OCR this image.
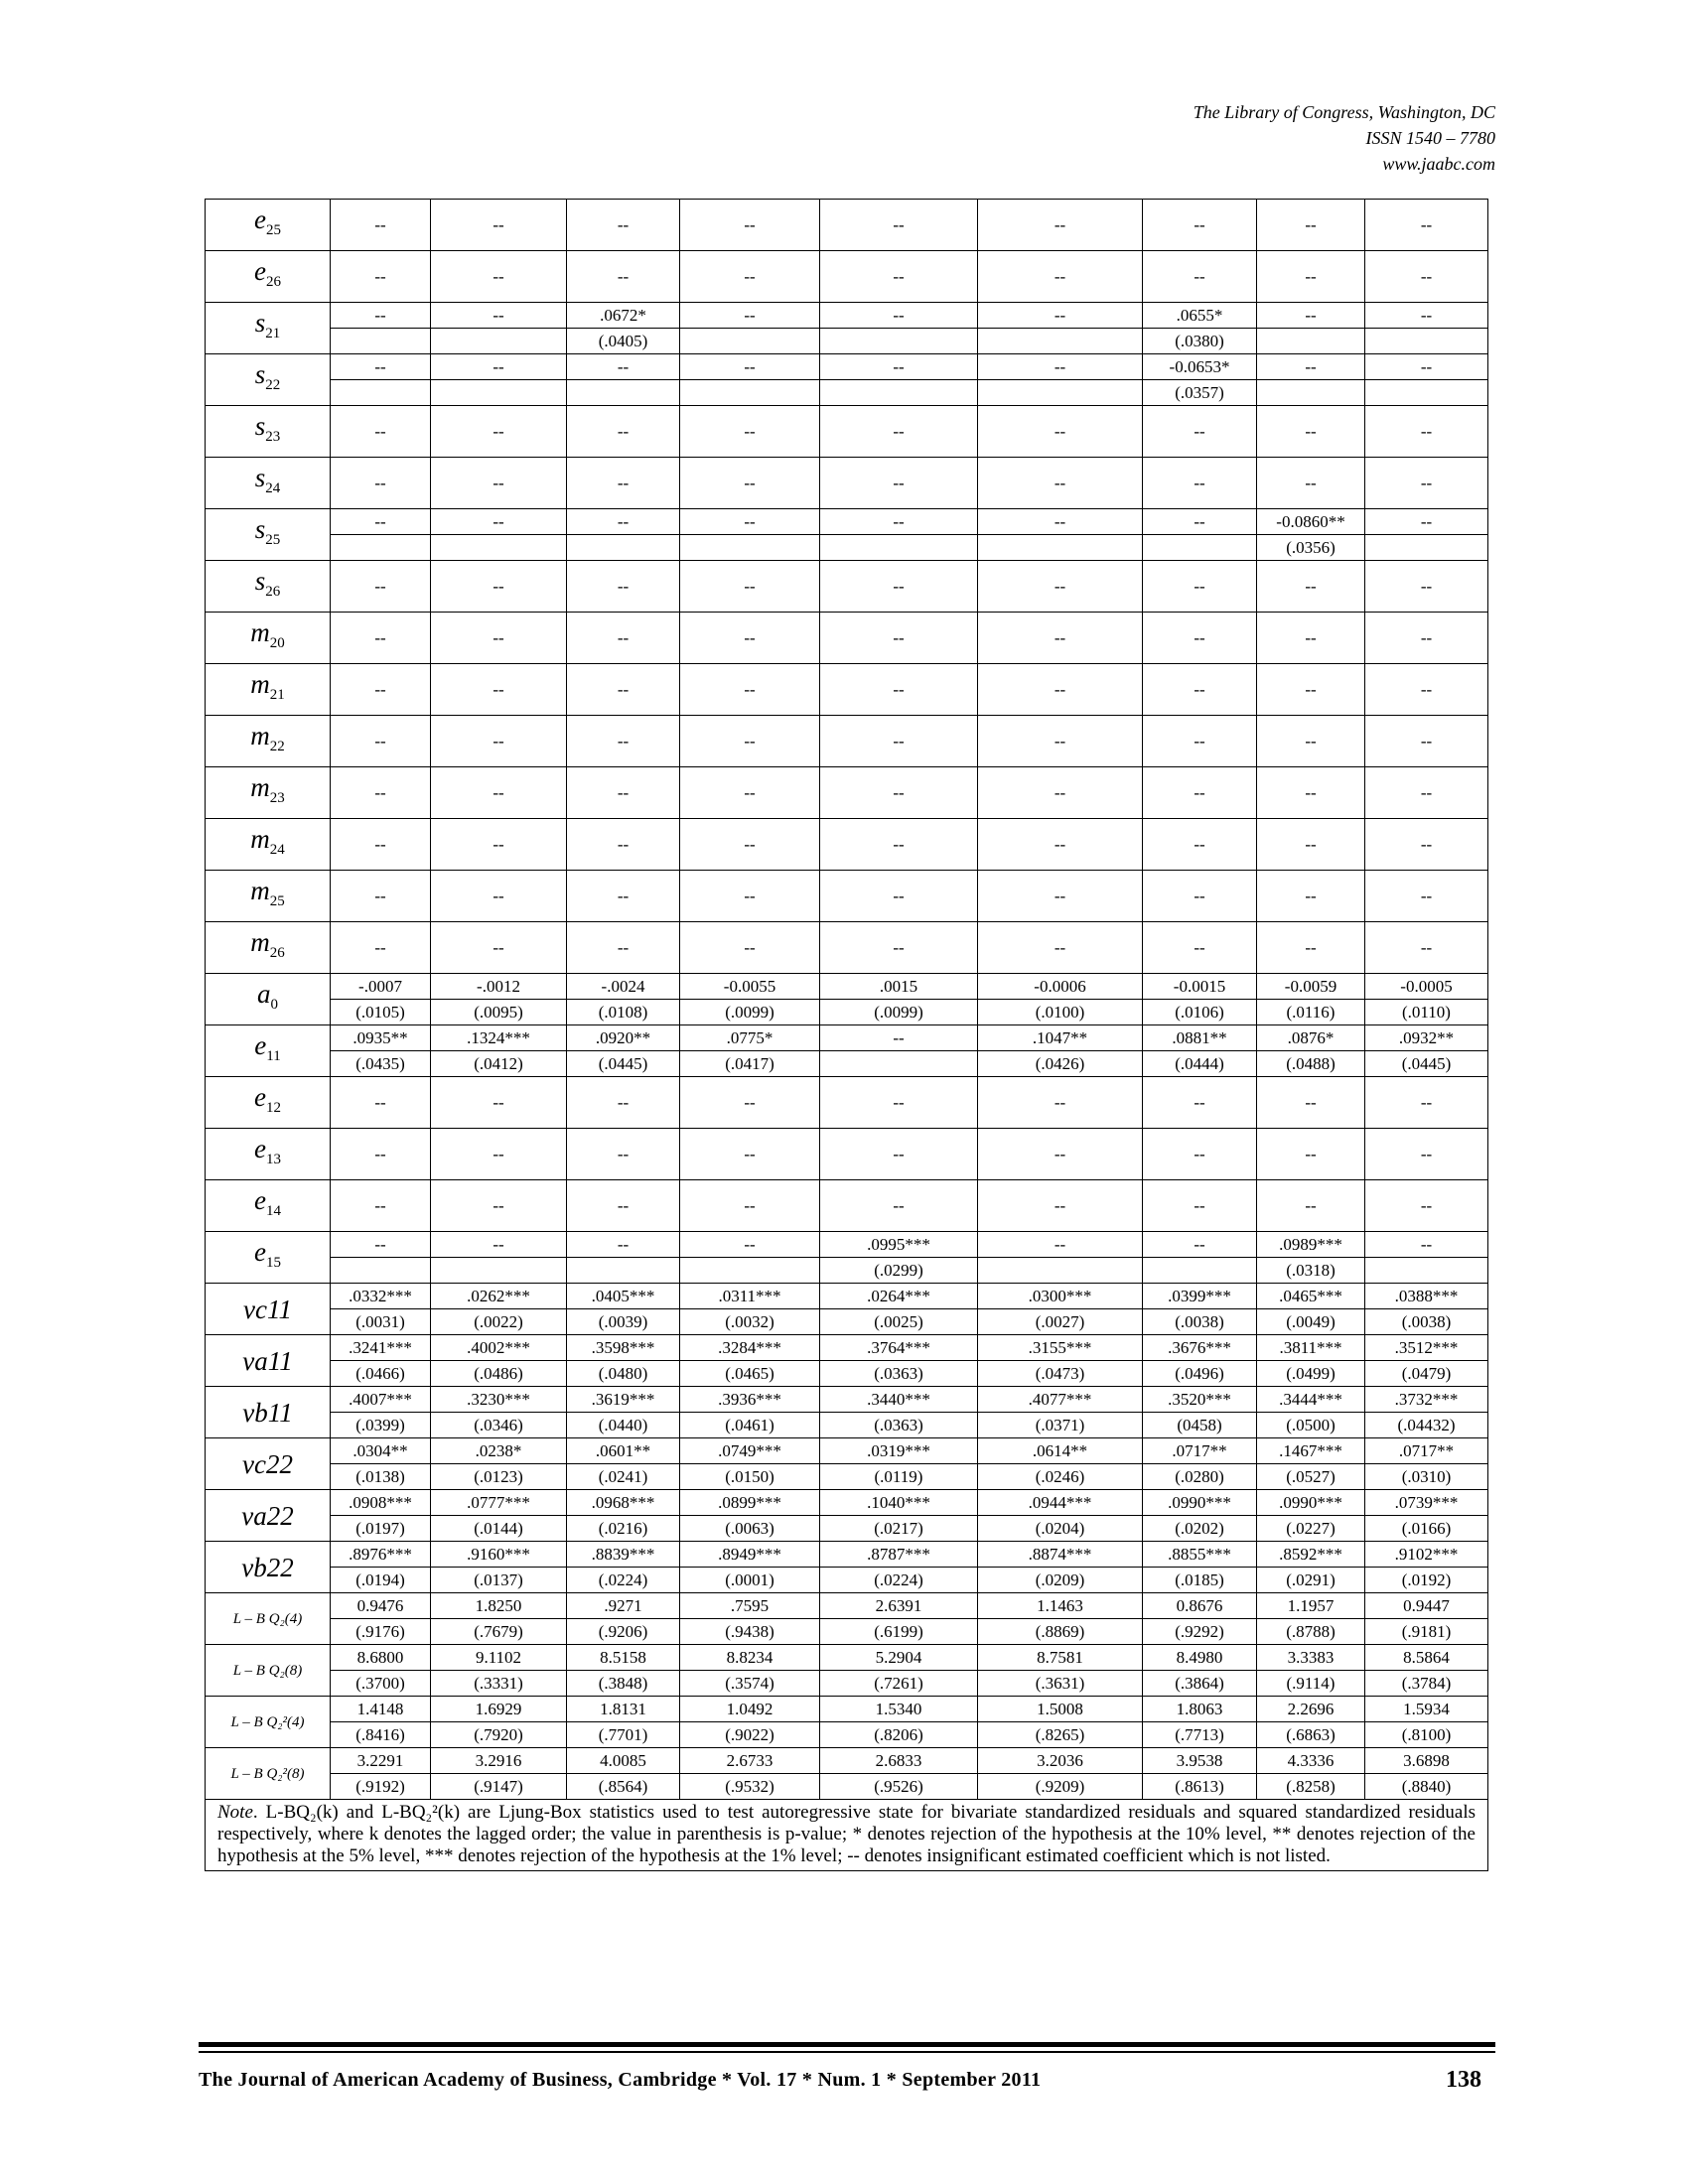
The Library of Congress, Washington, DC
ISSN 1540 – 7780
www.jaabc.com
$e_{25}$	--	--	--	--	--	--	--	--	--
$e_{26}$	--	--	--	--	--	--	--	--	--
$s_{21}$	--	--	.0672*	--	--	--	.0655*	--	--
			(.0405)				(.0380)		
$s_{22}$	--	--	--	--	--	--	-0.0653*	--	--
							(.0357)		
$s_{23}$	--	--	--	--	--	--	--	--	--
$s_{24}$	--	--	--	--	--	--	--	--	--
$s_{25}$	--	--	--	--	--	--	--	-0.0860**	--
								(.0356)	
$s_{26}$	--	--	--	--	--	--	--	--	--
$m_{20}$	--	--	--	--	--	--	--	--	--
$m_{21}$	--	--	--	--	--	--	--	--	--
$m_{22}$	--	--	--	--	--	--	--	--	--
$m_{23}$	--	--	--	--	--	--	--	--	--
$m_{24}$	--	--	--	--	--	--	--	--	--
$m_{25}$	--	--	--	--	--	--	--	--	--
$m_{26}$	--	--	--	--	--	--	--	--	--
$a_0$	-.0007	-.0012	-.0024	-0.0055	.0015	-0.0006	-0.0015	-0.0059	-0.0005
	(.0105)	(.0095)	(.0108)	(.0099)	(.0099)	(.0100)	(.0106)	(.0116)	(.0110)
$e_{11}$	.0935**	.1324***	.0920**	.0775*	--	.1047**	.0881**	.0876*	.0932**
	(.0435)	(.0412)	(.0445)	(.0417)		(.0426)	(.0444)	(.0488)	(.0445)
$e_{12}$	--	--	--	--	--	--	--	--	--
$e_{13}$	--	--	--	--	--	--	--	--	--
$e_{14}$	--	--	--	--	--	--	--	--	--
$e_{15}$	--	--	--	--	.0995***	--	--	.0989***	--
					(.0299)			(.0318)	
vc11	.0332***	.0262***	.0405***	.0311***	.0264***	.0300***	.0399***	.0465***	.0388***
	(.0031)	(.0022)	(.0039)	(.0032)	(.0025)	(.0027)	(.0038)	(.0049)	(.0038)
va11	.3241***	.4002***	.3598***	.3284***	.3764***	.3155***	.3676***	.3811***	.3512***
	(.0466)	(.0486)	(.0480)	(.0465)	(.0363)	(.0473)	(.0496)	(.0499)	(.0479)
vb11	.4007***	.3230***	.3619***	.3936***	.3440***	.4077***	.3520***	.3444***	.3732***
	(.0399)	(.0346)	(.0440)	(.0461)	(.0363)	(.0371)	(0458)	(.0500)	(.04432)
vc22	.0304**	.0238*	.0601**	.0749***	.0319***	.0614**	.0717**	.1467***	.0717**
	(.0138)	(.0123)	(.0241)	(.0150)	(.0119)	(.0246)	(.0280)	(.0527)	(.0310)
va22	.0908***	.0777***	.0968***	.0899***	.1040***	.0944***	.0990***	.0990***	.0739***
	(.0197)	(.0144)	(.0216)	(.0063)	(.0217)	(.0204)	(.0202)	(.0227)	(.0166)
vb22	.8976***	.9160***	.8839***	.8949***	.8787***	.8874***	.8855***	.8592***	.9102***
	(.0194)	(.0137)	(.0224)	(.0001)	(.0224)	(.0209)	(.0185)	(.0291)	(.0192)
L – B Q₂(4)	0.9476	1.8250	.9271	.7595	2.6391	1.1463	0.8676	1.1957	0.9447
	(.9176)	(.7679)	(.9206)	(.9438)	(.6199)	(.8869)	(.9292)	(.8788)	(.9181)
L – B Q₂(8)	8.6800	9.1102	8.5158	8.8234	5.2904	8.7581	8.4980	3.3383	8.5864
	(.3700)	(.3331)	(.3848)	(.3574)	(.7261)	(.3631)	(.3864)	(.9114)	(.3784)
L – B Q₂²(4)	1.4148	1.6929	1.8131	1.0492	1.5340	1.5008	1.8063	2.2696	1.5934
	(.8416)	(.7920)	(.7701)	(.9022)	(.8206)	(.8265)	(.7713)	(.6863)	(.8100)
L – B Q₂²(8)	3.2291	3.2916	4.0085	2.6733	2.6833	3.2036	3.9538	4.3336	3.6898
	(.9192)	(.9147)	(.8564)	(.9532)	(.9526)	(.9209)	(.8613)	(.8258)	(.8840)
Note. L-BQ₂(k) and L-BQ₂²(k) are Ljung-Box statistics used to test autoregressive state for bivariate standardized residuals and squared standardized residuals respectively, where k denotes the lagged order; the value in parenthesis is p-value; * denotes rejection of the hypothesis at the 10% level, ** denotes rejection of the hypothesis at the 5% level, *** denotes rejection of the hypothesis at the 1% level; -- denotes insignificant estimated coefficient which is not listed.									
The Journal of American Academy of Business, Cambridge * Vol. 17 * Num. 1 * September 2011	138
